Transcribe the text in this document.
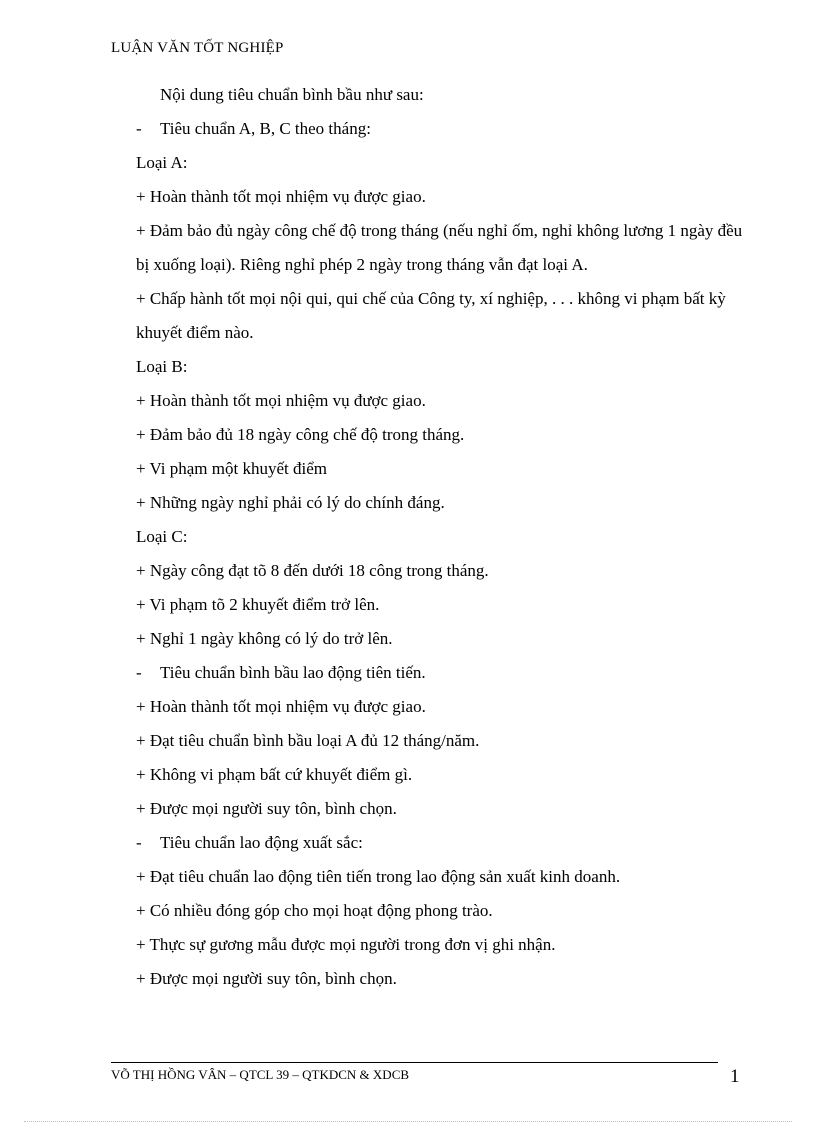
LUẬN VĂN TỐT NGHIỆP
Nội dung tiêu chuẩn bình bầu như sau:
-	Tiêu chuẩn A, B, C theo tháng:
Loại A:
+ Hoàn thành tốt mọi nhiệm vụ được giao.
+ Đảm bảo đủ ngày công chế độ trong tháng (nếu nghỉ ốm, nghỉ không lương 1 ngày đều bị xuống loại). Riêng nghỉ phép 2 ngày trong tháng vẫn đạt loại A.
+ Chấp hành tốt mọi nội qui, qui chế của Công ty, xí nghiệp, . . . không vi phạm bất kỳ khuyết điểm nào.
Loại B:
+ Hoàn thành tốt mọi nhiệm vụ được giao.
+ Đảm bảo đủ 18 ngày công chế độ trong tháng.
+ Vi phạm một khuyết điểm
+ Những ngày nghỉ phải có lý do chính đáng.
Loại C:
+ Ngày công đạt tõ 8 đến dưới 18 công trong tháng.
+ Vi phạm tõ 2 khuyết điểm trở lên.
+ Nghỉ 1 ngày không có lý do trở lên.
-	Tiêu chuẩn bình bầu lao động tiên tiến.
+ Hoàn thành tốt mọi nhiệm vụ được giao.
+ Đạt tiêu chuẩn bình bầu loại A đủ 12 tháng/năm.
+ Không vi phạm bất cứ khuyết điểm gì.
+ Được mọi người suy tôn, bình chọn.
-	Tiêu chuẩn lao động xuất sắc:
+ Đạt tiêu chuẩn lao động tiên tiến trong lao động sản xuất kinh doanh.
+ Có nhiều đóng góp cho mọi hoạt động phong trào.
+ Thực sự gương mẫu được mọi người trong đơn vị ghi nhận.
+ Được mọi người suy tôn, bình chọn.
VÕ THỊ HỒNG VÂN – QTCL 39 – QTKDCN & XDCB	1
